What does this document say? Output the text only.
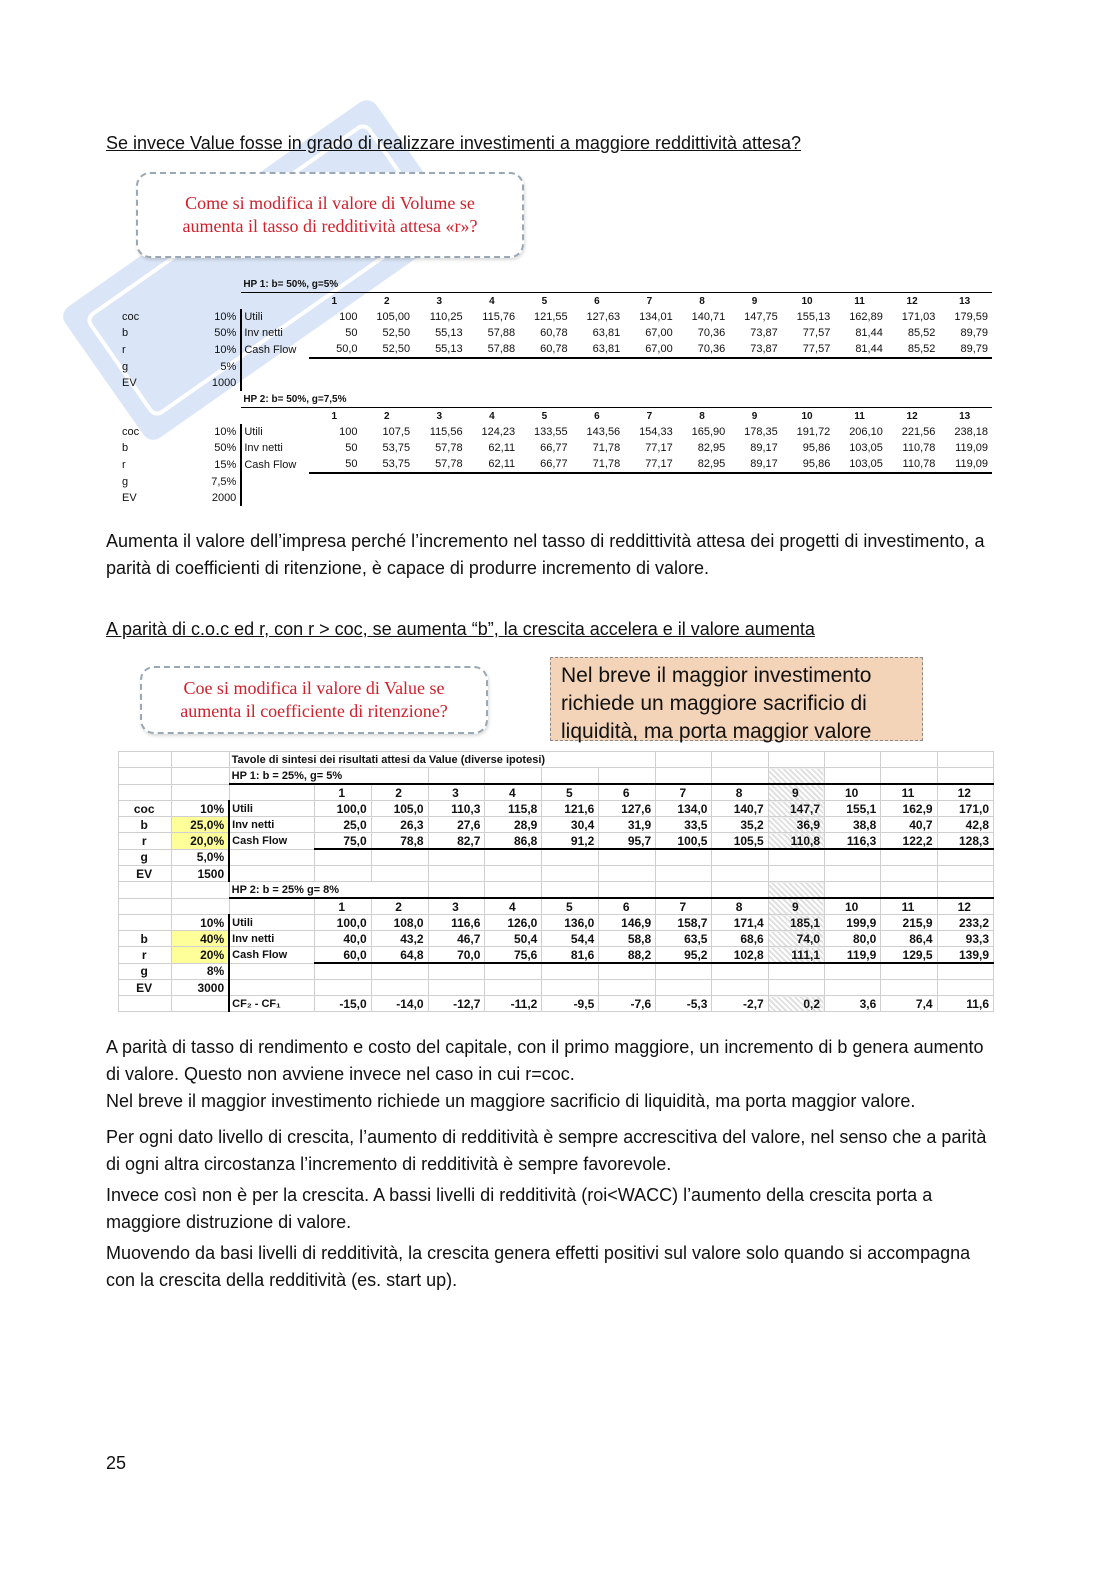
Se invece Value fosse in grado di realizzare investimenti a maggiore reddittività attesa?
Come si modifica il valore di Volume se
aumenta il tasso di redditività attesa «r»?
		HP 1: b= 50%, g=5%													
			1	2	3	4	5	6	7	8	9	10	11	12	13
coc	10%	Utili	100	105,00	110,25	115,76	121,55	127,63	134,01	140,71	147,75	155,13	162,89	171,03	179,59
b	50%	Inv netti	50	52,50	55,13	57,88	60,78	63,81	67,00	70,36	73,87	77,57	81,44	85,52	89,79
r	10%	Cash Flow	50,0	52,50	55,13	57,88	60,78	63,81	67,00	70,36	73,87	77,57	81,44	85,52	89,79
g	5%														
EV	1000														
		HP 2: b= 50%, g=7,5%													
			1	2	3	4	5	6	7	8	9	10	11	12	13
coc	10%	Utili	100	107,5	115,56	124,23	133,55	143,56	154,33	165,90	178,35	191,72	206,10	221,56	238,18
b	50%	Inv netti	50	53,75	57,78	62,11	66,77	71,78	77,17	82,95	89,17	95,86	103,05	110,78	119,09
r	15%	Cash Flow	50	53,75	57,78	62,11	66,77	71,78	77,17	82,95	89,17	95,86	103,05	110,78	119,09
g	7,5%														
EV	2000														

Aumenta il valore dell’impresa perché l’incremento nel tasso di reddittività attesa dei progetti di investimento, a parità di coefficienti di ritenzione, è capace di produrre incremento di valore.

A parità di c.o.c ed r, con r > coc, se aumenta “b”, la crescita accelera e il valore aumenta
Coe si modifica il valore di Value se
aumenta il coefficiente di ritenzione?
Nel breve il maggior investimento richiede un maggiore sacrificio di liquidità, ma porta maggior valore
		Tavole di sintesi dei risultati attesi da Value (diverse ipotesi)												
		HP 1: b = 25%, g= 5%												
			1	2	3	4	5	6	7	8	9	10	11	12
coc	10%	Utili	100,0	105,0	110,3	115,8	121,6	127,6	134,0	140,7	147,7	155,1	162,9	171,0
b	25,0%	Inv netti	25,0	26,3	27,6	28,9	30,4	31,9	33,5	35,2	36,9	38,8	40,7	42,8
r	20,0%	Cash Flow	75,0	78,8	82,7	86,8	91,2	95,7	100,5	105,5	110,8	116,3	122,2	128,3
g	5,0%													
EV	1500													
		HP 2: b = 25% g= 8%												
			1	2	3	4	5	6	7	8	9	10	11	12
	10%	Utili	100,0	108,0	116,6	126,0	136,0	146,9	158,7	171,4	185,1	199,9	215,9	233,2
b	40%	Inv netti	40,0	43,2	46,7	50,4	54,4	58,8	63,5	68,6	74,0	80,0	86,4	93,3
r	20%	Cash Flow	60,0	64,8	70,0	75,6	81,6	88,2	95,2	102,8	111,1	119,9	129,5	139,9
g	8%													
EV	3000													
		CF₂ - CF₁	-15,0	-14,0	-12,7	-11,2	-9,5	-7,6	-5,3	-2,7	0,2	3,6	7,4	11,6

A parità di tasso di rendimento e costo del capitale, con il primo maggiore, un incremento di b genera aumento di valore. Questo non avviene invece nel caso in cui r=coc.

Nel breve il maggior investimento richiede un maggiore sacrificio di liquidità, ma porta maggior valore.

Per ogni dato livello di crescita, l’aumento di redditività è sempre accrescitiva del valore, nel senso che a parità di ogni altra circostanza l’incremento di redditività è sempre favorevole.

Invece così non è per la crescita. A bassi livelli di redditività (roi<WACC) l’aumento della crescita porta a maggiore distruzione di valore.

Muovendo da basi livelli di redditività, la crescita genera effetti positivi sul valore solo quando si accompagna con la crescita della redditività (es. start up).

25
